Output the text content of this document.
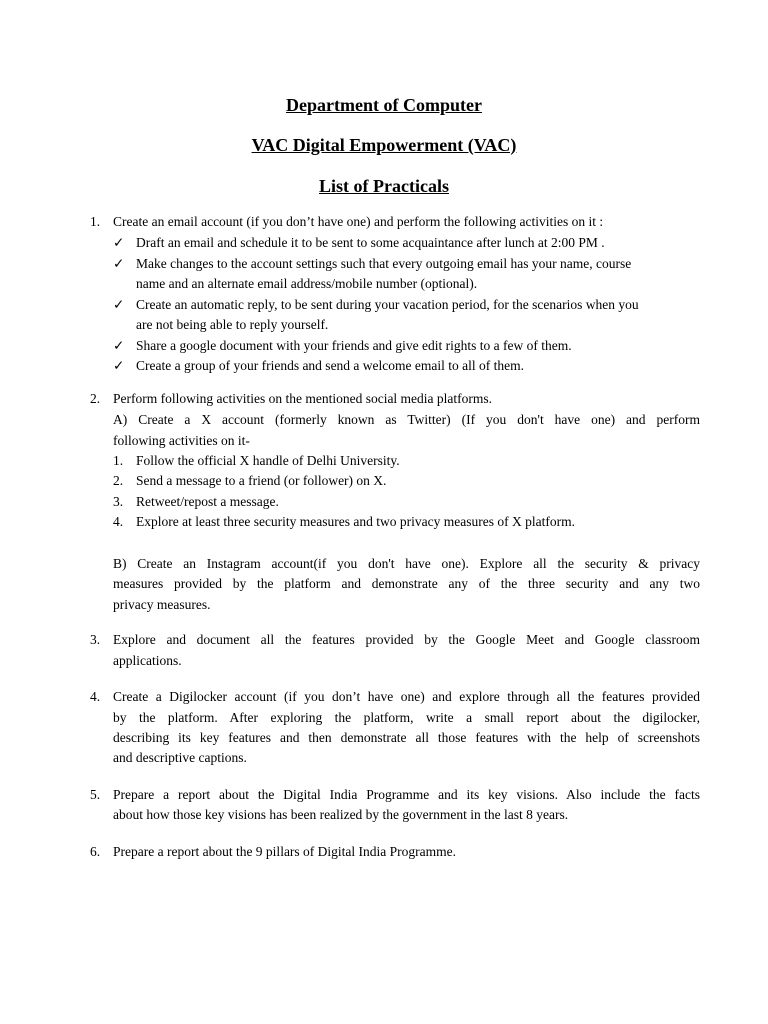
Department of Computer
VAC Digital Empowerment (VAC)
List of Practicals
1. Create an email account (if you don’t have one) and perform the following activities on it :
✓ Draft an email and schedule it to be sent to some acquaintance after lunch at 2:00 PM .
✓ Make changes to the account settings such that every outgoing email has your name, course
name and an alternate email address/mobile number (optional).
✓ Create an automatic reply, to be sent during your vacation period, for the scenarios when you
are not being able to reply yourself.
✓ Share a google document with your friends and give edit rights to a few of them.
✓ Create a group of your friends and send a welcome email to all of them.
2. Perform following activities on the mentioned social media platforms.
A) Create a X account (formerly known as Twitter) (If you don't have one) and perform
following activities on it-
1. Follow the official X handle of Delhi University.
2. Send a message to a friend (or follower) on X.
3. Retweet/repost a message.
4. Explore at least three security measures and two privacy measures of X platform.
B) Create an Instagram account(if you don't have one). Explore all the security & privacy
measures provided by the platform and demonstrate any of the three security and any two
privacy measures.
3. Explore and document all the features provided by the Google Meet and Google classroom
applications.
4. Create a Digilocker account (if you don’t have one) and explore through all the features provided
by the platform. After exploring the platform, write a small report about the digilocker,
describing its key features and then demonstrate all those features with the help of screenshots
and descriptive captions.
5. Prepare a report about the Digital India Programme and its key visions. Also include the facts
about how those key visions has been realized by the government in the last 8 years.
6. Prepare a report about the 9 pillars of Digital India Programme.
